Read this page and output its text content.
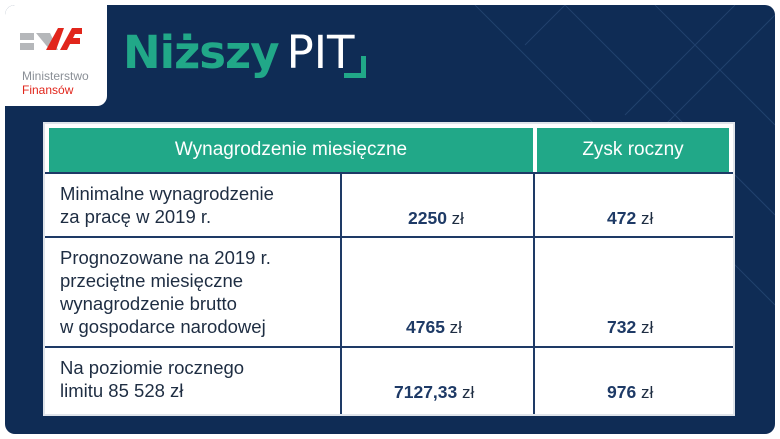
Ministerstwo
Finansów
Niższy PIT
Wynagrodzenie miesięczne	Zysk roczny
Minimalne wynagrodzenie
za pracę w 2019 r.	2250 zł	472 zł
Prognozowane na 2019 r.
przeciętne miesięczne
wynagrodzenie brutto
w gospodarce narodowej	4765 zł	732 zł
Na poziomie rocznego
limitu 85 528 zł	7127,33 zł	976 zł
